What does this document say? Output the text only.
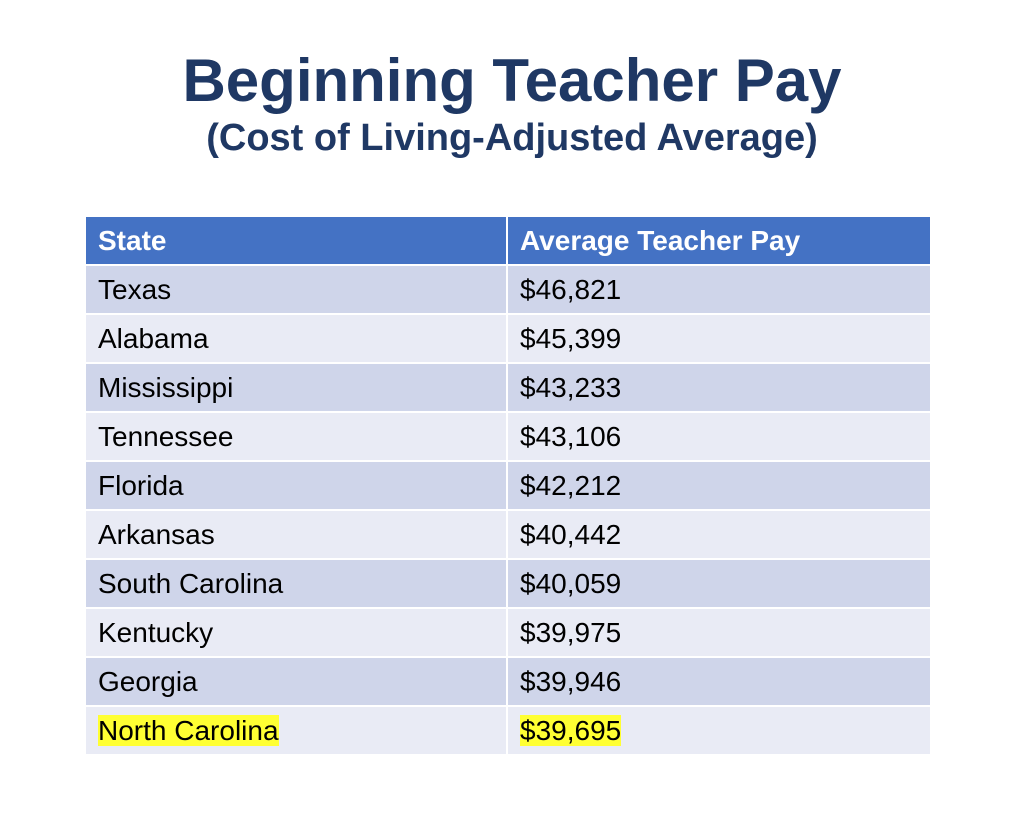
Beginning Teacher Pay
(Cost of Living-Adjusted Average)
State	Average Teacher Pay
Texas	$46,821
Alabama	$45,399
Mississippi	$43,233
Tennessee	$43,106
Florida	$42,212
Arkansas	$40,442
South Carolina	$40,059
Kentucky	$39,975
Georgia	$39,946
North Carolina	$39,695
